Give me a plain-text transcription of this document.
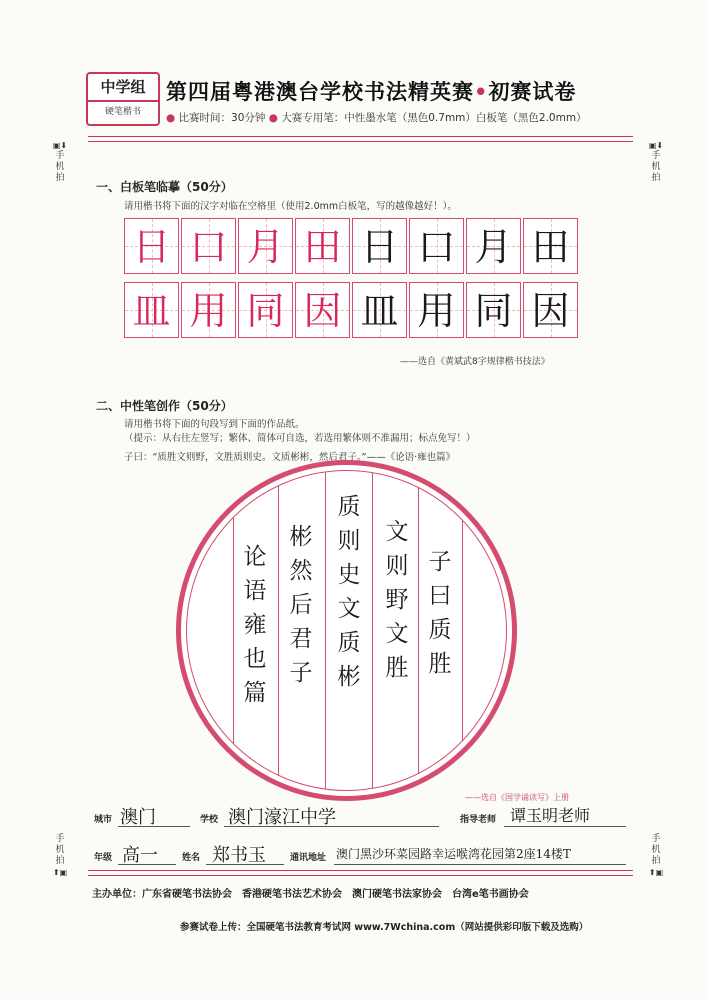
中学组
硬笔楷书
第四届粤港澳台学校书法精英赛•初赛试卷
● 比赛时间：30分钟 ● 大赛专用笔：中性墨水笔（黑色0.7mm）白板笔（黑色2.0mm）
▣⬇
手机拍
▣⬇
手机拍
手机拍
⬆▣
手机拍
⬆▣
一、白板笔临摹（50分）
请用楷书将下面的汉字对临在空格里（使用2.0mm白板笔，写的越像越好！）。
日 口 月 田 日 口 月 田
皿 用 同 因 皿 用 同 因
——选自《黄斌武8字规律楷书技法》
二、中性笔创作（50分）
请用楷书将下面的句段写到下面的作品纸。
（提示：从右往左竖写；繁体、简体可自选，若选用繁体则不准漏用；标点免写！）
子曰：“质胜文则野，文胜质则史。文质彬彬，然后君子。”——《论语·雍也篇》
子
曰
质
胜
文
则
野
文
胜
质
则
史
文
质
彬
彬
然
后
君
子
论
语
雍
也
篇
——选自《国学诵读写》上册
城市 澳门	学校 澳门濠江中学	指导老师 谭玉明老师
年级 高一	姓名 郑书玉	通讯地址 澳门黑沙环菜园路幸运喉湾花园第2座14楼T
主办单位：广东省硬笔书法协会　香港硬笔书法艺术协会　澳门硬笔书法家协会　台湾e笔书画协会
参赛试卷上传：全国硬笔书法教育考试网 www.7Wchina.com（网站提供彩印版下载及选购）
